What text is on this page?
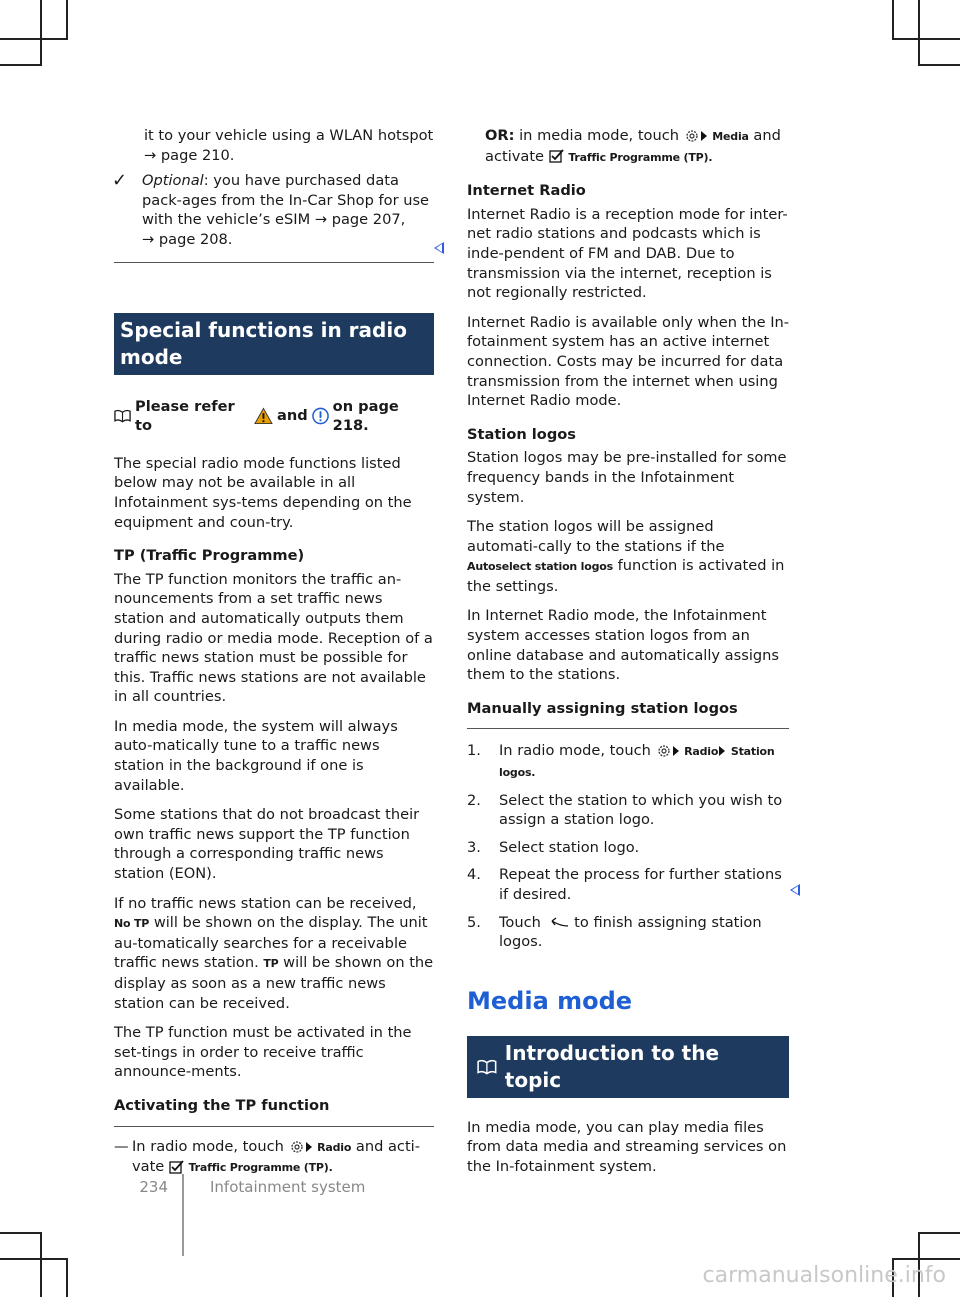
it to your vehicle using a WLAN hotspot
→ page 210.

✓	Optional: you have purchased data pack-ages from the In-Car Shop for use with the vehicle’s eSIM → page 207,
→ page 208.
Special functions in radio mode
Please refer to
and
on page 218.

The special radio mode functions listed below may not be available in all Infotainment sys-tems depending on the equipment and coun-try.

TP (Traffic Programme)

The TP function monitors the traffic an-nouncements from a set traffic news station and automatically outputs them during radio or media mode. Reception of a traffic news station must be possible for this. Traffic news stations are not available in all countries.

In media mode, the system will always auto-matically tune to a traffic news station in the background if one is available.

Some stations that do not broadcast their own traffic news support the TP function through a corresponding traffic news station (EON).

If no traffic news station can be received, No TP will be shown on the display. The unit au-tomatically searches for a receivable traffic news station. TP will be shown on the display as soon as a new traffic news station can be received.

The TP function must be activated in the set-tings in order to receive traffic announce-ments.

Activating the TP function

— In radio mode, touch	Radio and acti-vate Traffic Programme (TP).

OR: in media mode, touch	Media and activate Traffic Programme (TP).

Internet Radio

Internet Radio is a reception mode for inter-net radio stations and podcasts which is inde-pendent of FM and DAB. Due to transmission via the internet, reception is not regionally restricted.

Internet Radio is available only when the In-fotainment system has an active internet connection. Costs may be incurred for data transmission from the internet when using Internet Radio mode.

Station logos

Station logos may be pre-installed for some frequency bands in the Infotainment system.

The station logos will be assigned automati-cally to the stations if the Autoselect station logos function is activated in the settings.

In Internet Radio mode, the Infotainment system accesses station logos from an online database and automatically assigns them to the stations.

Manually assigning station logos

1.	In radio mode, touch	Radio Station logos.
2.	Select the station to which you wish to assign a station logo.
3.	Select station logo.
4.	Repeat the process for further stations if desired.
5.	Touch to finish assigning station logos.
Media mode
Introduction to the topic

In media mode, you can play media files from data media and streaming services on the In-fotainment system.

234	Infotainment system
carmanualsonline.info
